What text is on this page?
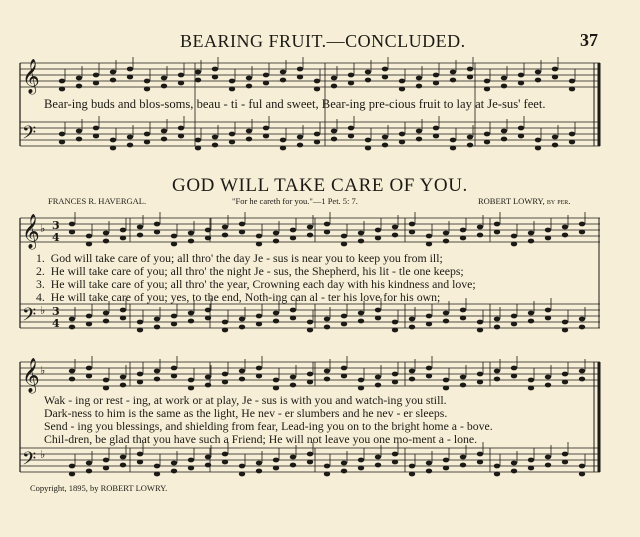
𝄞
𝄢
𝄞
𝄢
𝄞
𝄢
♭
♭
♭
♭
3
4
3
4
BEARING FRUIT.—CONCLUDED.	37
Bear-ing buds and blos-soms, beau - ti - ful and sweet, Bear-ing pre-cious fruit to lay at Je-sus' feet.
GOD WILL TAKE CARE OF YOU.
FRANCES R. HAVERGAL.	"For he careth for you."—1 Pet. 5: 7.	ROBERT LOWRY, by per.
1. God will take care of you; all thro' the day Je - sus is near you to keep you from ill;
2. He will take care of you; all thro' the night Je - sus, the Shepherd, his lit - tle one keeps;
3. He will take care of you; all thro' the year, Crowning each day with his kindness and love;
4. He will take care of you; yes, to the end, Noth-ing can al - ter his love for his own;
Wak - ing or rest - ing, at work or at play, Je - sus is with you and watch-ing you still.
Dark-ness to him is the same as the light, He nev - er slumbers and he nev - er sleeps.
Send - ing you blessings, and shielding from fear, Lead-ing you on to the bright home a - bove.
Chil-dren, be glad that you have such a Friend; He will not leave you one mo-ment a - lone.
Copyright, 1895, by ROBERT LOWRY.
